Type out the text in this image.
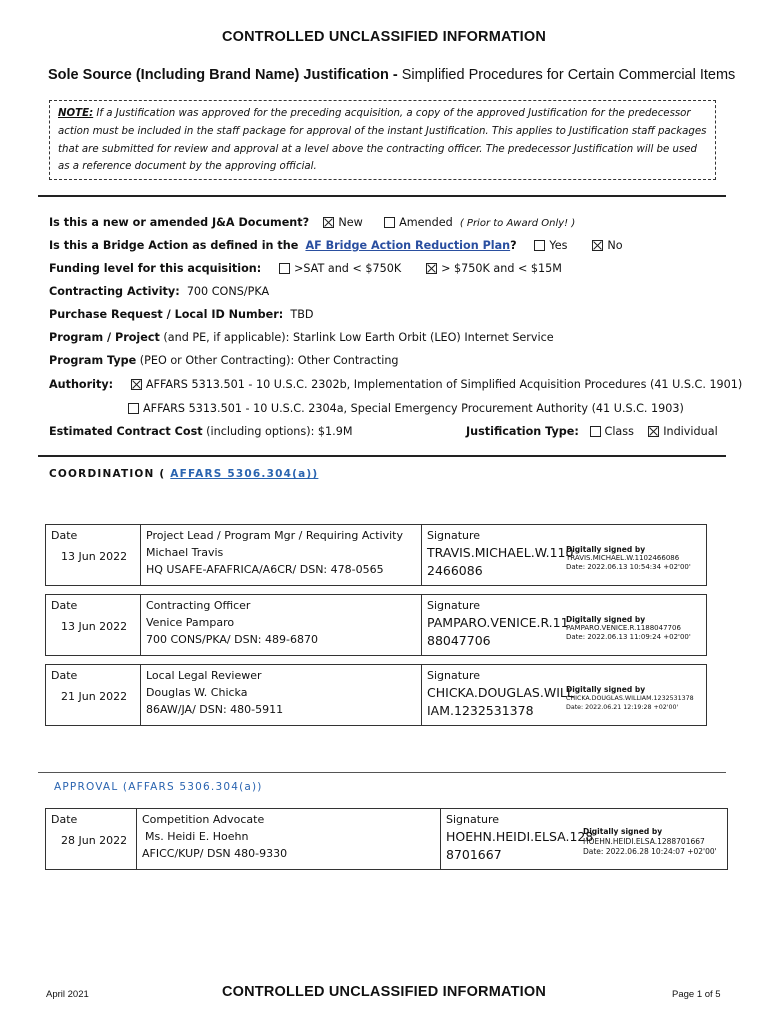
CONTROLLED UNCLASSIFIED INFORMATION
Sole Source (Including Brand Name) Justification - Simplified Procedures for Certain Commercial Items
NOTE: If a Justification was approved for the preceding acquisition, a copy of the approved Justification for the predecessor action must be included in the staff package for approval of the instant Justification. This applies to Justification staff packages that are submitted for review and approval at a level above the contracting officer. The predecessor Justification will be used as a reference document by the approving official.
Is this a new or amended J&A Document?	New	Amended ( Prior to Award Only! )
Is this a Bridge Action as defined in the AF Bridge Action Reduction Plan?	Yes	No
Funding level for this acquisition:	>SAT and < $750K	> $750K and < $15M
Contracting Activity: 700 CONS/PKA
Purchase Request / Local ID Number: TBD
Program / Project (and PE, if applicable): Starlink Low Earth Orbit (LEO) Internet Service
Program Type (PEO or Other Contracting): Other Contracting
Authority:	AFFARS 5313.501 - 10 U.S.C. 2302b, Implementation of Simplified Acquisition Procedures (41 U.S.C. 1901)
AFFARS 5313.501 - 10 U.S.C. 2304a, Special Emergency Procurement Authority (41 U.S.C. 1903)
Estimated Contract Cost (including options): $1.9M	Justification Type: Class	Individual
COORDINATION ( AFFARS 5306.304(a))
Date
13 Jun 2022

Project Lead / Program Mgr / Requiring Activity
Michael Travis
HQ USAFE-AFAFRICA/A6CR/ DSN: 478-0565

Signature
TRAVIS.MICHAEL.W.110
2466086
Digitally signed by
TRAVIS.MICHAEL.W.1102466086
Date: 2022.06.13 10:54:34 +02'00'
Date
13 Jun 2022

Contracting Officer
Venice Pamparo
700 CONS/PKA/ DSN: 489-6870

Signature
PAMPARO.VENICE.R.11
88047706
Digitally signed by
PAMPARO.VENICE.R.1188047706
Date: 2022.06.13 11:09:24 +02'00'
Date
21 Jun 2022

Local Legal Reviewer
Douglas W. Chicka
86AW/JA/ DSN: 480-5911

Signature
CHICKA.DOUGLAS.WILL
IAM.1232531378
Digitally signed by
CHICKA.DOUGLAS.WILLIAM.1232531378
Date: 2022.06.21 12:19:28 +02'00'
APPROVAL (AFFARS 5306.304(a))
Date
28 Jun 2022

Competition Advocate
Ms. Heidi E. Hoehn
AFICC/KUP/ DSN 480-9330

Signature
HOEHN.HEIDI.ELSA.128
8701667
Digitally signed by
HOEHN.HEIDI.ELSA.1288701667
Date: 2022.06.28 10:24:07 +02'00'
April 2021	CONTROLLED UNCLASSIFIED INFORMATION	Page 1 of 5
